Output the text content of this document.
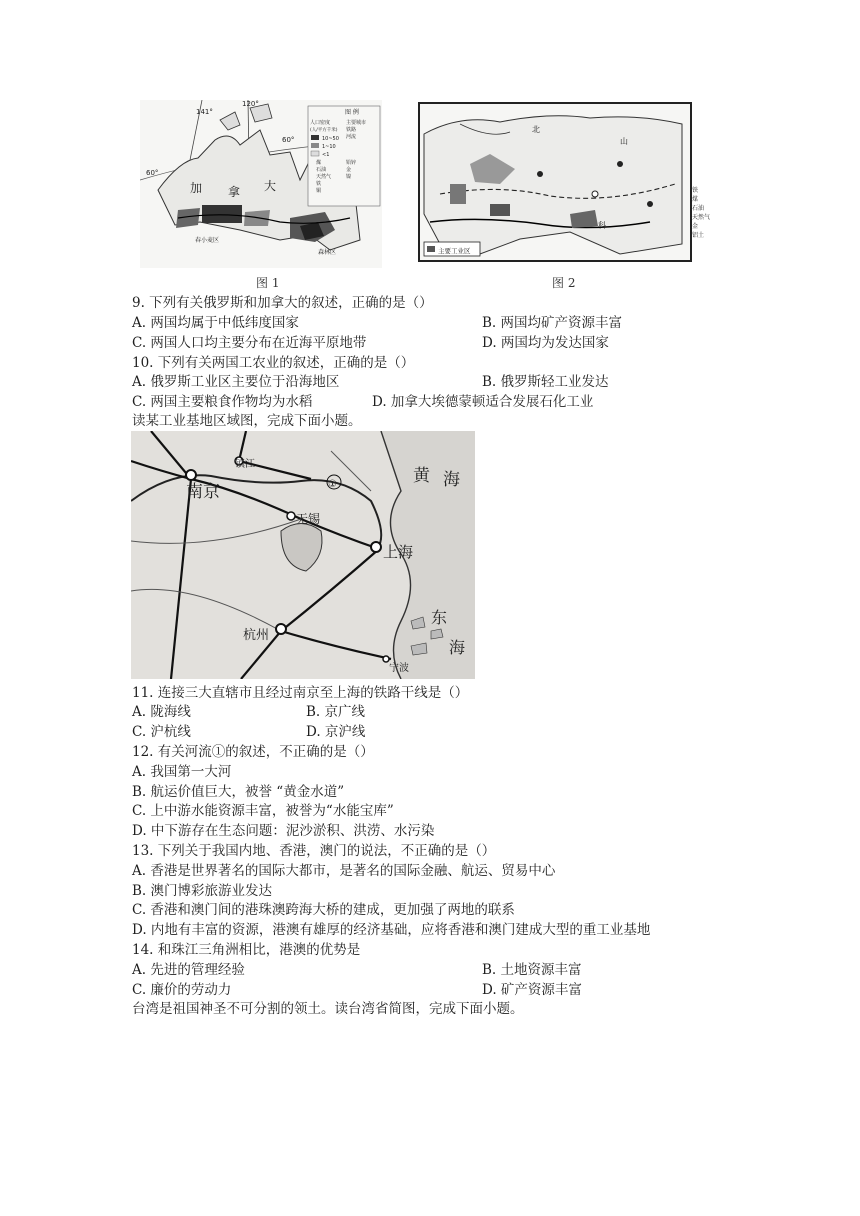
图 例
人口密度
(人/平方千米)
10~50
1~10
<1
主要城市
铁路
河流
煤
石油
天然气
铁
铜
铅锌
金
镍
141°
120°
60°
60°
加 拿 大
春小麦区
森林区
图 1
北
山
科
主要工业区
铁
煤
石油
天然气
金
铝土
图 2
9. 下列有关俄罗斯和加拿大的叙述，正确的是（）
A. 两国均属于中低纬度国家	B. 两国均矿产资源丰富
C. 两国人口均主要分布在近海平原地带	D. 两国均为发达国家
10. 下列有关两国工农业的叙述，正确的是（）
A. 俄罗斯工业区主要位于沿海地区	B. 俄罗斯轻工业发达
C. 两国主要粮食作物均为水稻	D. 加拿大埃德蒙顿适合发展石化工业
读某工业基地区域图，完成下面小题。
南京
镇江
无锡
上海
杭州
宁波
黄 海
东
海
①
11. 连接三大直辖市且经过南京至上海的铁路干线是（）
A. 陇海线	B. 京广线
C. 沪杭线	D. 京沪线
12. 有关河流①的叙述，不正确的是（）
A. 我国第一大河
B. 航运价值巨大，被誉 “黄金水道”
C. 上中游水能资源丰富，被誉为“水能宝库”
D. 中下游存在生态问题：泥沙淤积、洪涝、水污染
13. 下列关于我国内地、香港，澳门的说法，不正确的是（）
A. 香港是世界著名的国际大都市，是著名的国际金融、航运、贸易中心
B. 澳门博彩旅游业发达
C. 香港和澳门间的港珠澳跨海大桥的建成，更加强了两地的联系
D. 内地有丰富的资源，港澳有雄厚的经济基础，应将香港和澳门建成大型的重工业基地
14. 和珠江三角洲相比，港澳的优势是
A. 先进的管理经验	B. 土地资源丰富
C. 廉价的劳动力	D. 矿产资源丰富
台湾是祖国神圣不可分割的领土。读台湾省简图，完成下面小题。
